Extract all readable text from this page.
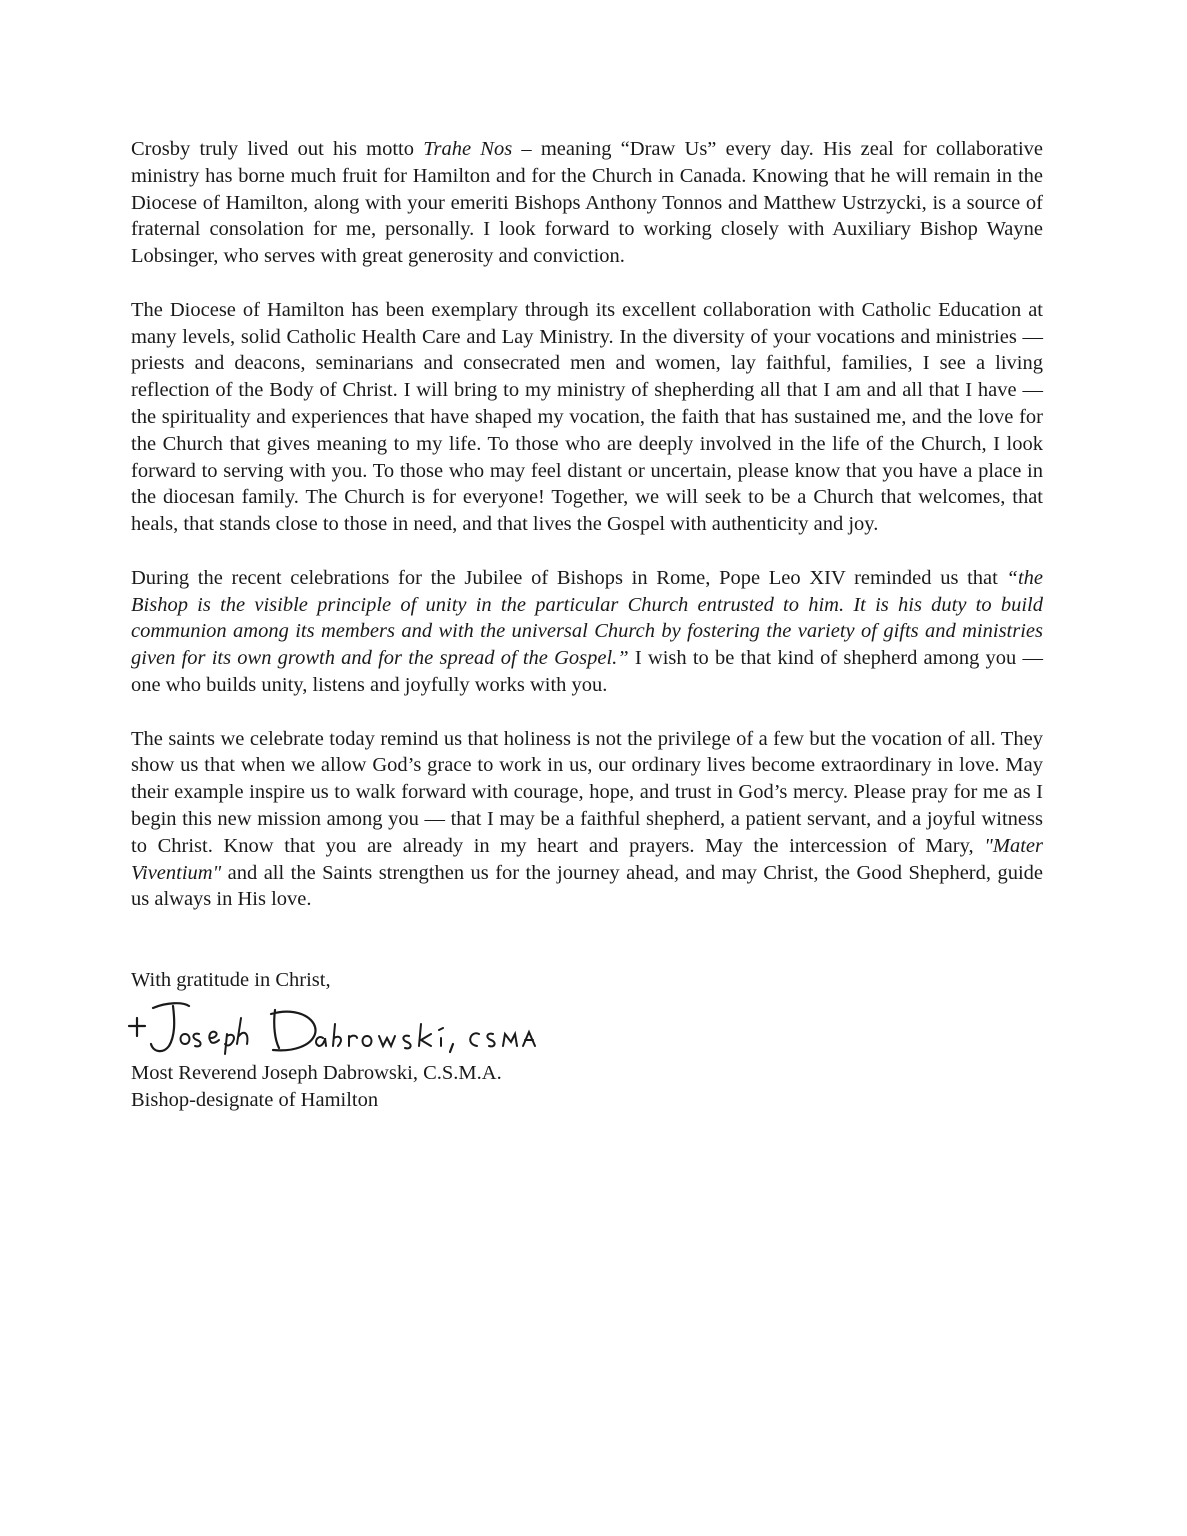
Crosby truly lived out his motto Trahe Nos – meaning “Draw Us” every day. His zeal for collaborative ministry has borne much fruit for Hamilton and for the Church in Canada. Knowing that he will remain in the Diocese of Hamilton, along with your emeriti Bishops Anthony Tonnos and Matthew Ustrzycki, is a source of fraternal consolation for me, personally. I look forward to working closely with Auxiliary Bishop Wayne Lobsinger, who serves with great generosity and conviction.

The Diocese of Hamilton has been exemplary through its excellent collaboration with Catholic Education at many levels, solid Catholic Health Care and Lay Ministry. In the diversity of your vocations and ministries — priests and deacons, seminarians and consecrated men and women, lay faithful, families, I see a living reflection of the Body of Christ. I will bring to my ministry of shepherding all that I am and all that I have — the spirituality and experiences that have shaped my vocation, the faith that has sustained me, and the love for the Church that gives meaning to my life. To those who are deeply involved in the life of the Church, I look forward to serving with you. To those who may feel distant or uncertain, please know that you have a place in the diocesan family. The Church is for everyone! Together, we will seek to be a Church that welcomes, that heals, that stands close to those in need, and that lives the Gospel with authenticity and joy.

During the recent celebrations for the Jubilee of Bishops in Rome, Pope Leo XIV reminded us that “the Bishop is the visible principle of unity in the particular Church entrusted to him. It is his duty to build communion among its members and with the universal Church by fostering the variety of gifts and ministries given for its own growth and for the spread of the Gospel.” I wish to be that kind of shepherd among you — one who builds unity, listens and joyfully works with you.

The saints we celebrate today remind us that holiness is not the privilege of a few but the vocation of all. They show us that when we allow God’s grace to work in us, our ordinary lives become extraordinary in love. May their example inspire us to walk forward with courage, hope, and trust in God’s mercy. Please pray for me as I begin this new mission among you — that I may be a faithful shepherd, a patient servant, and a joyful witness to Christ. Know that you are already in my heart and prayers. May the intercession of Mary, "Mater Viventium" and all the Saints strengthen us for the journey ahead, and may Christ, the Good Shepherd, guide us always in His love.

With gratitude in Christ,

Most Reverend Joseph Dabrowski, C.S.M.A.

Bishop-designate of Hamilton
